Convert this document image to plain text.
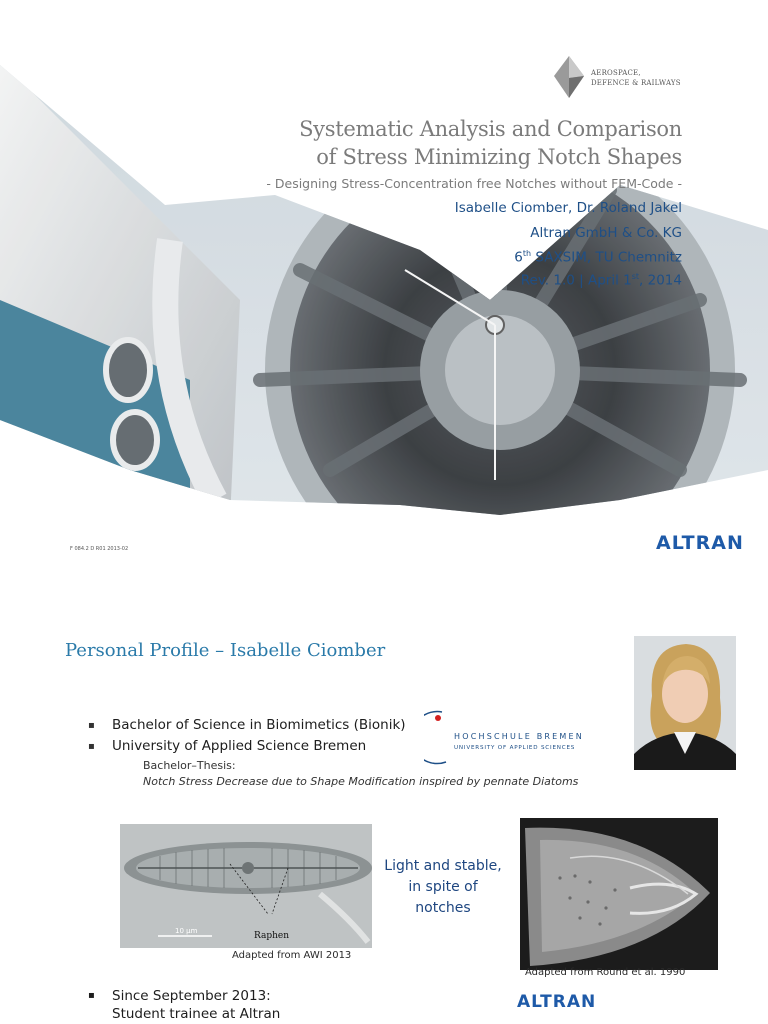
AEROSPACE,
DEFENCE & RAILWAYS
Systematic Analysis and Comparison
of Stress Minimizing Notch Shapes
- Designing Stress-Concentration free Notches without FEM-Code -
Isabelle Ciomber, Dr. Roland Jakel
Altran GmbH & Co. KG
6th SAXSIM, TU Chemnitz
Rev. 1.0 | April 1st, 2014
F 084.2 D R01 2013-02	ALTRAN
Personal Profile – Isabelle Ciomber
▪ Bachelor of Science in Biomimetics (Bionik)
▪ University of Applied Science Bremen
Bachelor–Thesis:
Notch Stress Decrease due to Shape Modification inspired by pennate Diatoms
HOCHSCHULE BREMEN
UNIVERSITY OF APPLIED SCIENCES
10 µm	Raphen
Adapted from AWI 2013
Adapted from Round et al. 1990
Light and stable,
in spite of
notches
▪	Since September 2013:
Student trainee at Altran
ALTRAN
